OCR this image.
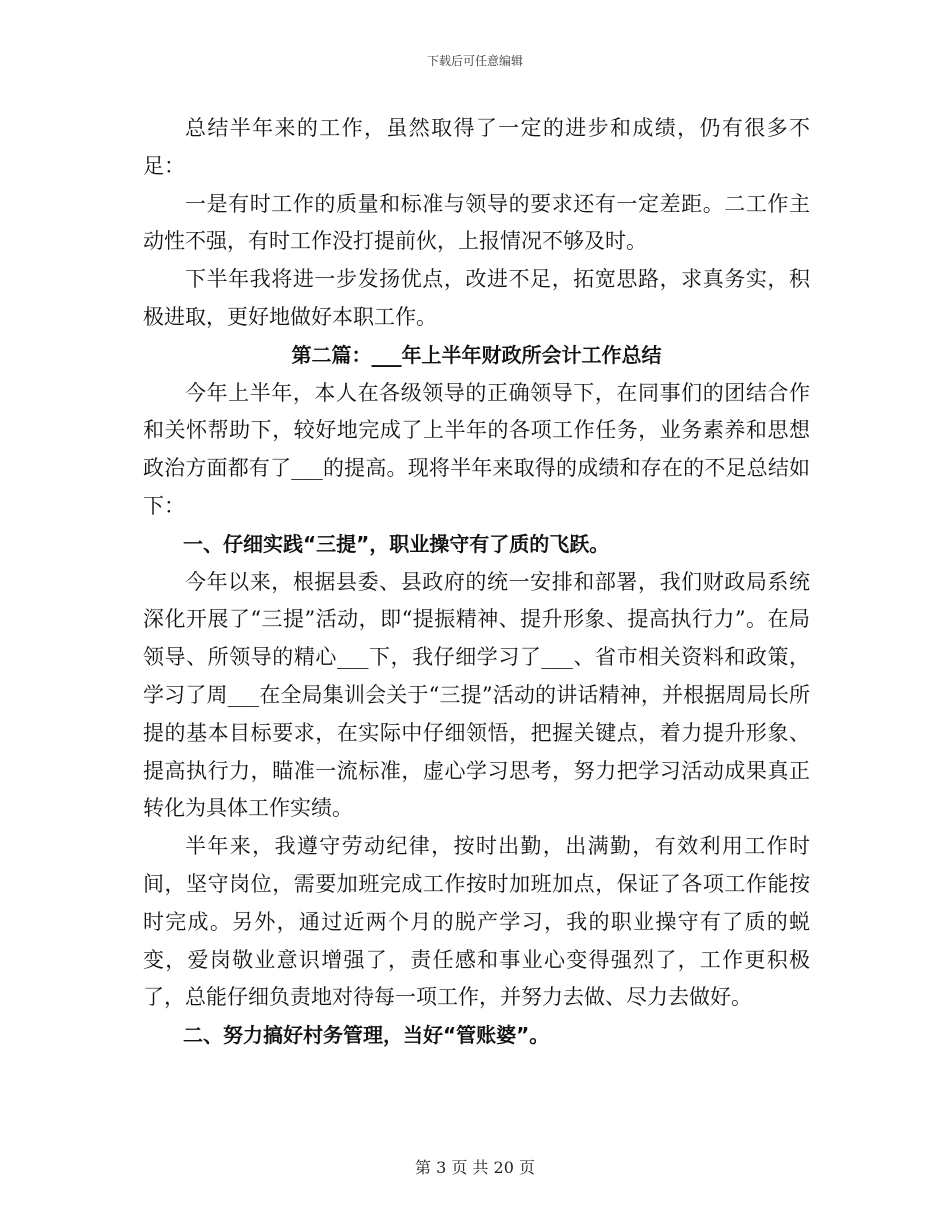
下载后可任意编辑

总结半年来的工作，虽然取得了一定的进步和成绩，仍有很多不足：

一是有时工作的质量和标准与领导的要求还有一定差距。二工作主动性不强，有时工作没打提前伙，上报情况不够及时。

下半年我将进一步发扬优点，改进不足，拓宽思路，求真务实，积极进取，更好地做好本职工作。

第二篇：___年上半年财政所会计工作总结

今年上半年，本人在各级领导的正确领导下，在同事们的团结合作和关怀帮助下，较好地完成了上半年的各项工作任务，业务素养和思想政治方面都有了___的提高。现将半年来取得的成绩和存在的不足总结如下：

一、仔细实践“三提”，职业操守有了质的飞跃。

今年以来，根据县委、县政府的统一安排和部署，我们财政局系统深化开展了“三提”活动，即“提振精神、提升形象、提高执行力”。在局领导、所领导的精心___下，我仔细学习了___、省市相关资料和政策，学习了周___在全局集训会关于“三提”活动的讲话精神，并根据周局长所提的基本目标要求，在实际中仔细领悟，把握关键点，着力提升形象、提高执行力，瞄准一流标准，虚心学习思考，努力把学习活动成果真正转化为具体工作实绩。

半年来，我遵守劳动纪律，按时出勤，出满勤，有效利用工作时间，坚守岗位，需要加班完成工作按时加班加点，保证了各项工作能按时完成。另外，通过近两个月的脱产学习，我的职业操守有了质的蜕变，爱岗敬业意识增强了，责任感和事业心变得强烈了，工作更积极了，总能仔细负责地对待每一项工作，并努力去做、尽力去做好。

二、努力搞好村务管理，当好“管账婆”。

第 3 页 共 20 页
